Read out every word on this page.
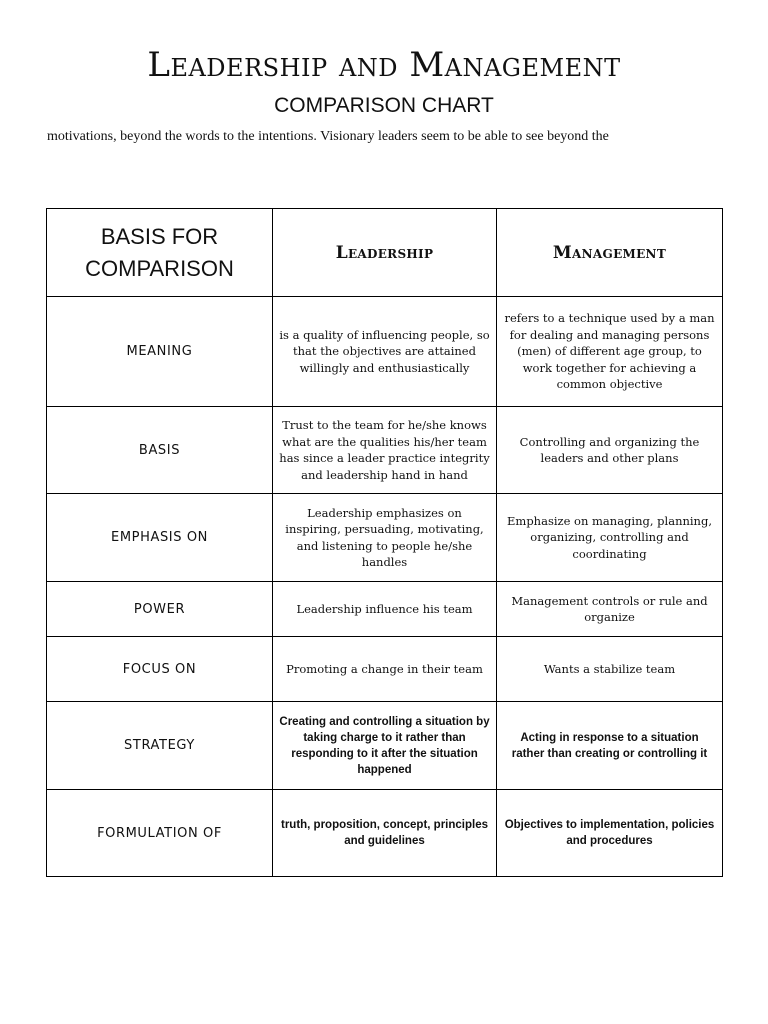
Leadership and Management
COMPARISON CHART
motivations, beyond the words to the intentions. Visionary leaders seem to be able to see beyond the
BASIS FOR COMPARISON	Leadership	Management
MEANING	is a quality of influencing people, so that the objectives are attained willingly and enthusiastically	refers to a technique used by a man for dealing and managing persons (men) of different age group, to work together for achieving a common objective
BASIS	Trust to the team for he/she knows what are the qualities his/her team has since a leader practice integrity and leadership hand in hand	Controlling and organizing the leaders and other plans
EMPHASIS ON	Leadership emphasizes on inspiring, persuading, motivating, and listening to people he/she handles	Emphasize on managing, planning, organizing, controlling and coordinating
POWER	Leadership influence his team	Management controls or rule and organize
FOCUS ON	Promoting a change in their team	Wants a stabilize team
STRATEGY	Creating and controlling a situation by taking charge to it rather than responding to it after the situation happened	Acting in response to a situation rather than creating or controlling it
FORMULATION OF	truth, proposition, concept, principles and guidelines	Objectives to implementation, policies and procedures
